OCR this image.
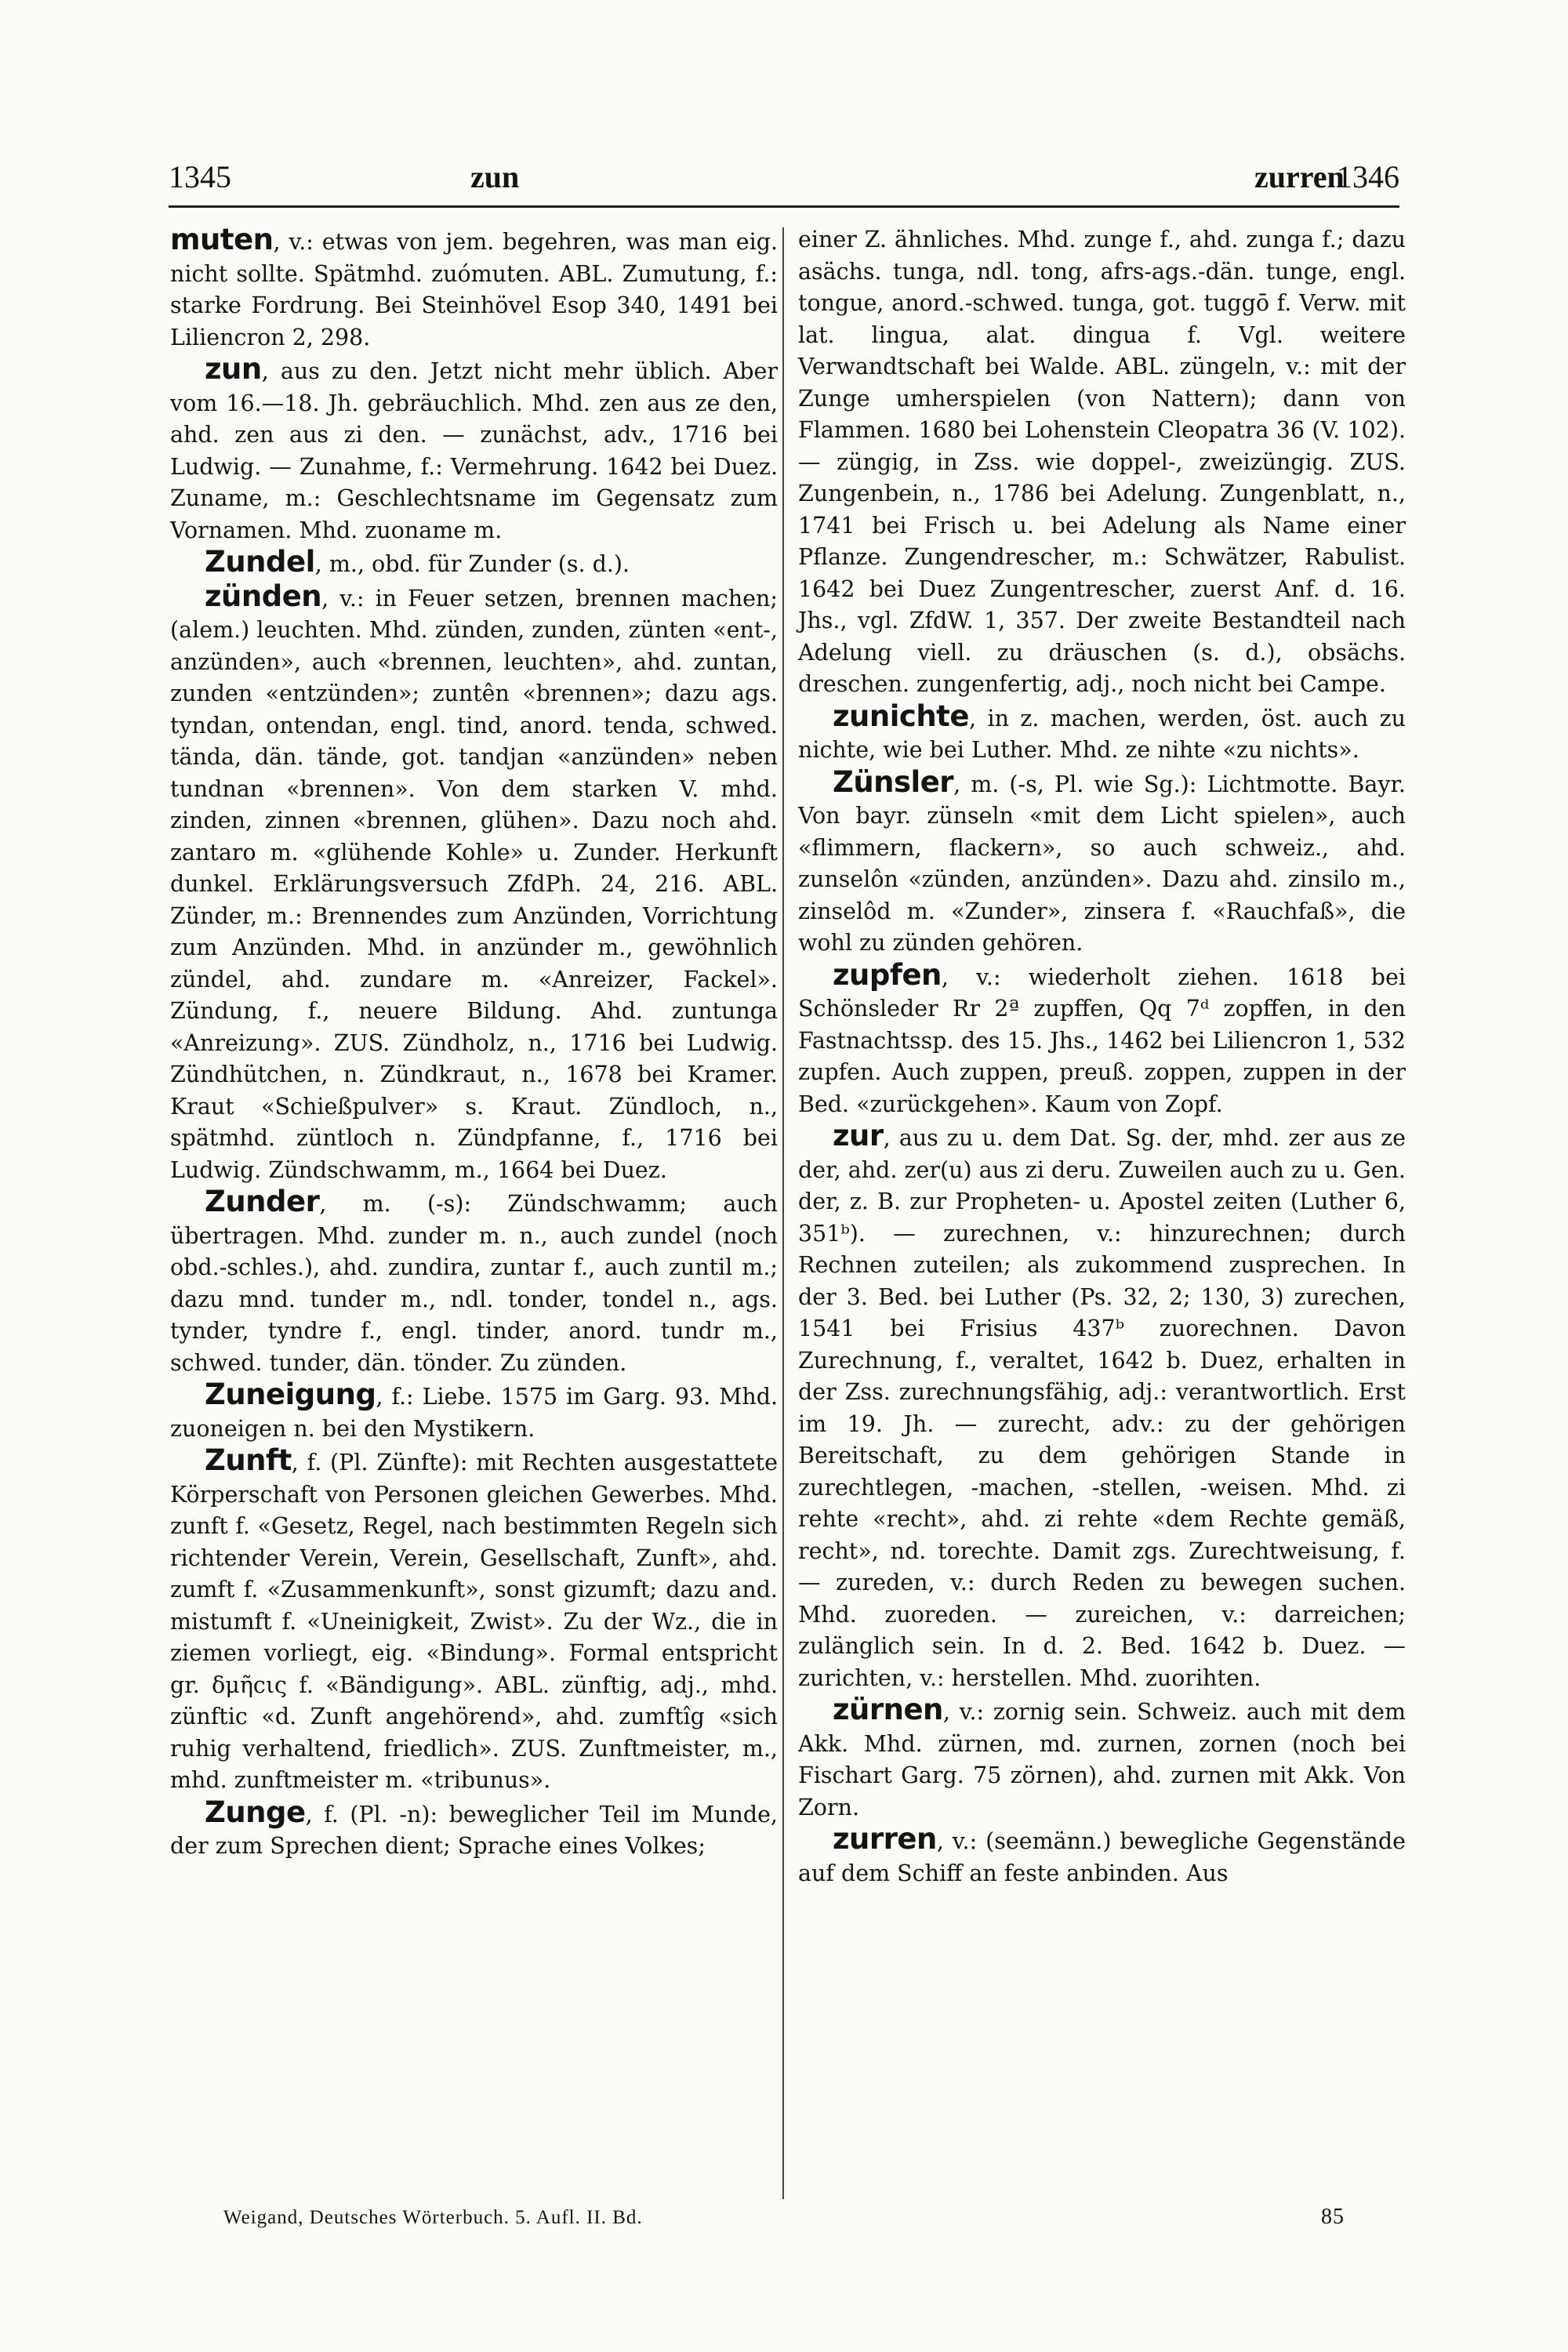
1345	zun	zurren
1346

muten, v.: etwas von jem. begehren, was man eig. nicht sollte. Spätmhd. zuómuten. ABL. Zumutung, f.: starke Fordrung. Bei Steinhövel Esop 340, 1491 bei Liliencron 2, 298.

zun, aus zu den. Jetzt nicht mehr üblich. Aber vom 16.—18. Jh. gebräuchlich. Mhd. zen aus ze den, ahd. zen aus zi den. — zunächst, adv., 1716 bei Ludwig. — Zunahme, f.: Vermehrung. 1642 bei Duez. Zuname, m.: Geschlechtsname im Gegensatz zum Vornamen. Mhd. zuoname m.

Zundel, m., obd. für Zunder (s. d.).

zünden, v.: in Feuer setzen, brennen machen; (alem.) leuchten. Mhd. zünden, zunden, zünten «ent-, anzünden», auch «brennen, leuchten», ahd. zuntan, zunden «entzünden»; zuntên «brennen»; dazu ags. tyndan, ontendan, engl. tind, anord. tenda, schwed. tända, dän. tände, got. tandjan «anzünden» neben tundnan «brennen». Von dem starken V. mhd. zinden, zinnen «brennen, glühen». Dazu noch ahd. zantaro m. «glühende Kohle» u. Zunder. Herkunft dunkel. Erklärungsversuch ZfdPh. 24, 216. ABL. Zünder, m.: Brennendes zum Anzünden, Vorrichtung zum Anzünden. Mhd. in anzünder m., gewöhnlich zündel, ahd. zundare m. «Anreizer, Fackel». Zündung, f., neuere Bildung. Ahd. zuntunga «Anreizung». ZUS. Zündholz, n., 1716 bei Ludwig. Zündhütchen, n. Zündkraut, n., 1678 bei Kramer. Kraut «Schießpulver» s. Kraut. Zündloch, n., spätmhd. züntloch n. Zündpfanne, f., 1716 bei Ludwig. Zündschwamm, m., 1664 bei Duez.

Zunder, m. (-s): Zündschwamm; auch übertragen. Mhd. zunder m. n., auch zundel (noch obd.-schles.), ahd. zundira, zuntar f., auch zuntil m.; dazu mnd. tunder m., ndl. tonder, tondel n., ags. tynder, tyndre f., engl. tinder, anord. tundr m., schwed. tunder, dän. tönder. Zu zünden.

Zuneigung, f.: Liebe. 1575 im Garg. 93. Mhd. zuoneigen n. bei den Mystikern.

Zunft, f. (Pl. Zünfte): mit Rechten ausgestattete Körperschaft von Personen gleichen Gewerbes. Mhd. zunft f. «Gesetz, Regel, nach bestimmten Regeln sich richtender Verein, Verein, Gesellschaft, Zunft», ahd. zumft f. «Zusammenkunft», sonst gizumft; dazu and. mistumft f. «Uneinigkeit, Zwist». Zu der Wz., die in ziemen vorliegt, eig. «Bindung». Formal entspricht gr. δμῆcις f. «Bändigung». ABL. zünftig, adj., mhd. zünftic «d. Zunft angehörend», ahd. zumftîg «sich ruhig verhaltend, friedlich». ZUS. Zunftmeister, m., mhd. zunftmeister m. «tribunus».

Zunge, f. (Pl. -n): beweglicher Teil im Munde, der zum Sprechen dient; Sprache eines Volkes;

einer Z. ähnliches. Mhd. zunge f., ahd. zunga f.; dazu asächs. tunga, ndl. tong, afrs-ags.-dän. tunge, engl. tongue, anord.-schwed. tunga, got. tuggō f. Verw. mit lat. lingua, alat. dingua f. Vgl. weitere Verwandtschaft bei Walde. ABL. züngeln, v.: mit der Zunge umherspielen (von Nattern); dann von Flammen. 1680 bei Lohenstein Cleopatra 36 (V. 102). — züngig, in Zss. wie doppel-, zweizüngig. ZUS. Zungenbein, n., 1786 bei Adelung. Zungenblatt, n., 1741 bei Frisch u. bei Adelung als Name einer Pflanze. Zungendrescher, m.: Schwätzer, Rabulist. 1642 bei Duez Zungentrescher, zuerst Anf. d. 16. Jhs., vgl. ZfdW. 1, 357. Der zweite Bestandteil nach Adelung viell. zu dräuschen (s. d.), obsächs. dreschen. zungenfertig, adj., noch nicht bei Campe.

zunichte, in z. machen, werden, öst. auch zu nichte, wie bei Luther. Mhd. ze nihte «zu nichts».

Zünsler, m. (-s, Pl. wie Sg.): Lichtmotte. Bayr. Von bayr. zünseln «mit dem Licht spielen», auch «flimmern, flackern», so auch schweiz., ahd. zunselôn «zünden, anzünden». Dazu ahd. zinsilo m., zinselôd m. «Zunder», zinsera f. «Rauchfaß», die wohl zu zünden gehören.

zupfen, v.: wiederholt ziehen. 1618 bei Schönsleder Rr 2ª zupffen, Qq 7ᵈ zopffen, in den Fastnachtssp. des 15. Jhs., 1462 bei Liliencron 1, 532 zupfen. Auch zuppen, preuß. zoppen, zuppen in der Bed. «zurückgehen». Kaum von Zopf.

zur, aus zu u. dem Dat. Sg. der, mhd. zer aus ze der, ahd. zer(u) aus zi deru. Zuweilen auch zu u. Gen. der, z. B. zur Propheten- u. Apostel zeiten (Luther 6, 351ᵇ). — zurechnen, v.: hinzurechnen; durch Rechnen zuteilen; als zukommend zusprechen. In der 3. Bed. bei Luther (Ps. 32, 2; 130, 3) zurechen, 1541 bei Frisius 437ᵇ zuorechnen. Davon Zurechnung, f., veraltet, 1642 b. Duez, erhalten in der Zss. zurechnungsfähig, adj.: verantwortlich. Erst im 19. Jh. — zurecht, adv.: zu der gehörigen Bereitschaft, zu dem gehörigen Stande in zurechtlegen, -machen, -stellen, -weisen. Mhd. zi rehte «recht», ahd. zi rehte «dem Rechte gemäß, recht», nd. torechte. Damit zgs. Zurechtweisung, f. — zureden, v.: durch Reden zu bewegen suchen. Mhd. zuoreden. — zureichen, v.: darreichen; zulänglich sein. In d. 2. Bed. 1642 b. Duez. — zurichten, v.: herstellen. Mhd. zuorihten.

zürnen, v.: zornig sein. Schweiz. auch mit dem Akk. Mhd. zürnen, md. zurnen, zornen (noch bei Fischart Garg. 75 zörnen), ahd. zurnen mit Akk. Von Zorn.

zurren, v.: (seemänn.) bewegliche Gegenstände auf dem Schiff an feste anbinden. Aus

Weigand, Deutsches Wörterbuch. 5. Aufl. II. Bd.	85
